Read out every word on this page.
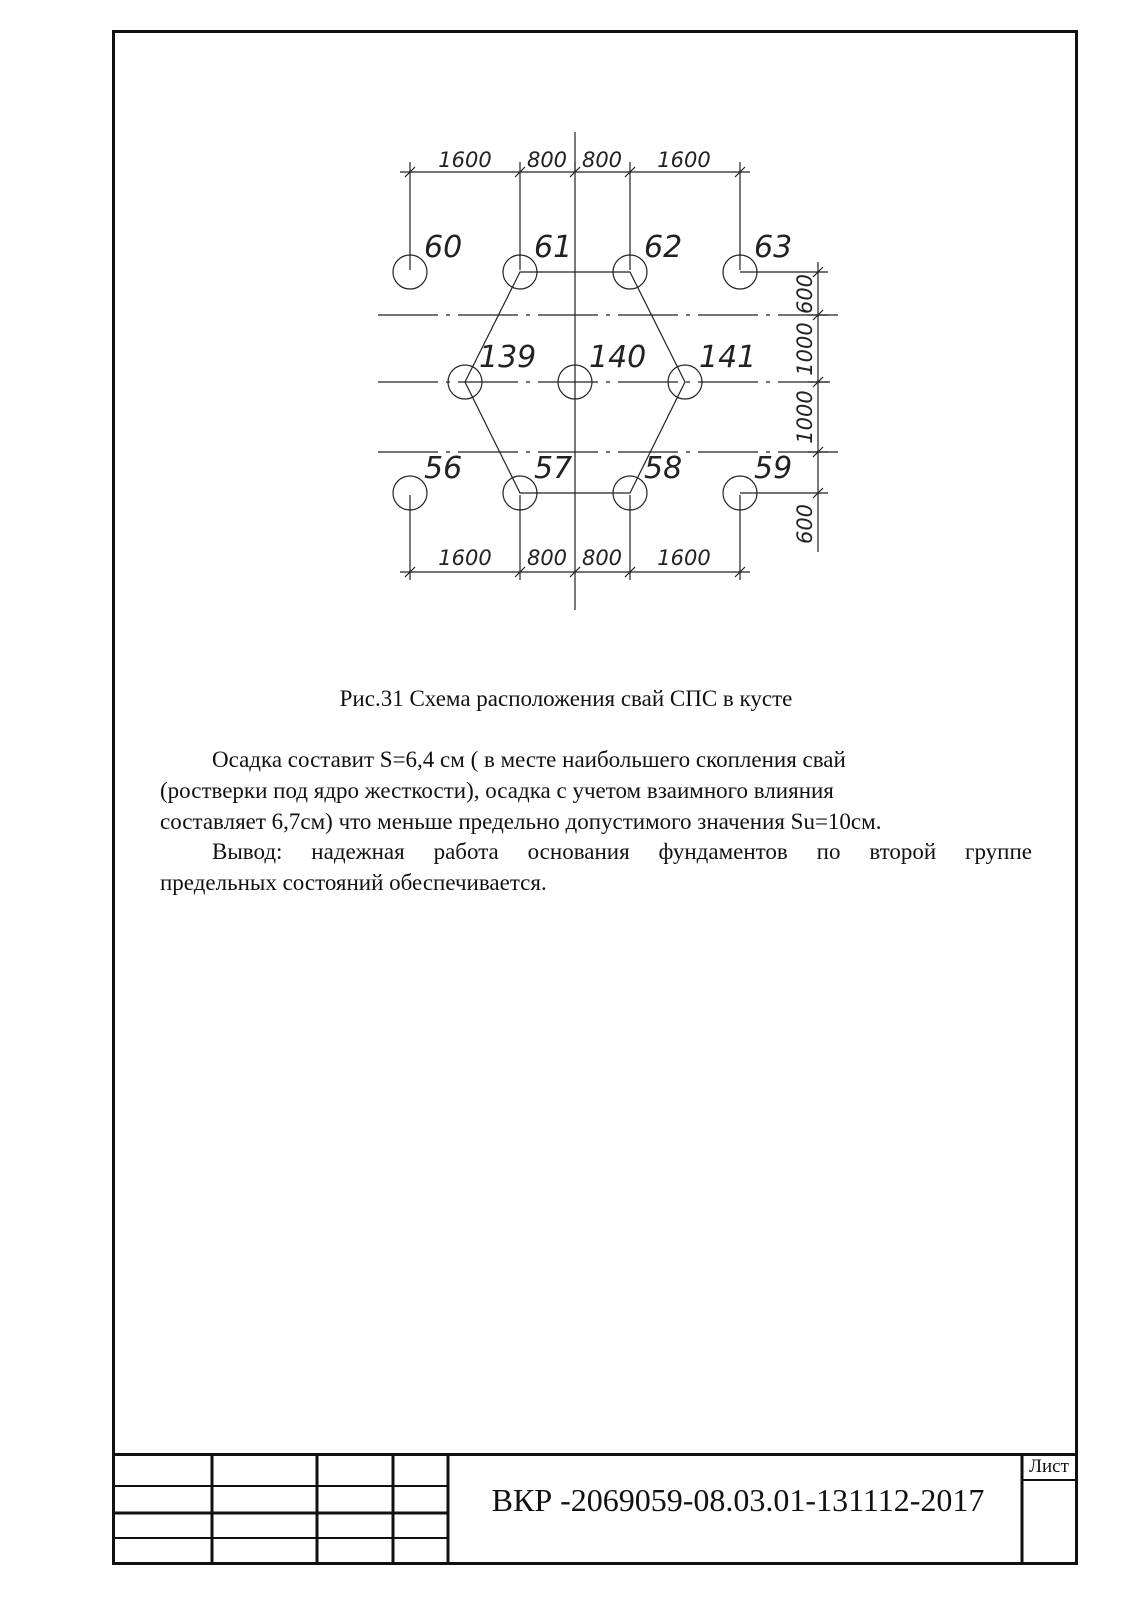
60 61 62 63
139 140 141
56 57 58 59
1600 800 800 1600
1600 800 800 1600
600
1000
1000
600
Рис.31 Схема расположения свай СПС в кусте
Осадка составит S=6,4 см ( в месте наибольшего скопления свай
(ростверки под ядро жесткости), осадка с учетом взаимного влияния
составляет 6,7см) что меньше предельно допустимого значения Su=10см.
Вывод: надежная работа основания фундаментов по второй группе
предельных состояний обеспечивается.
ВКР -2069059-08.03.01-131112-2017
Лист
